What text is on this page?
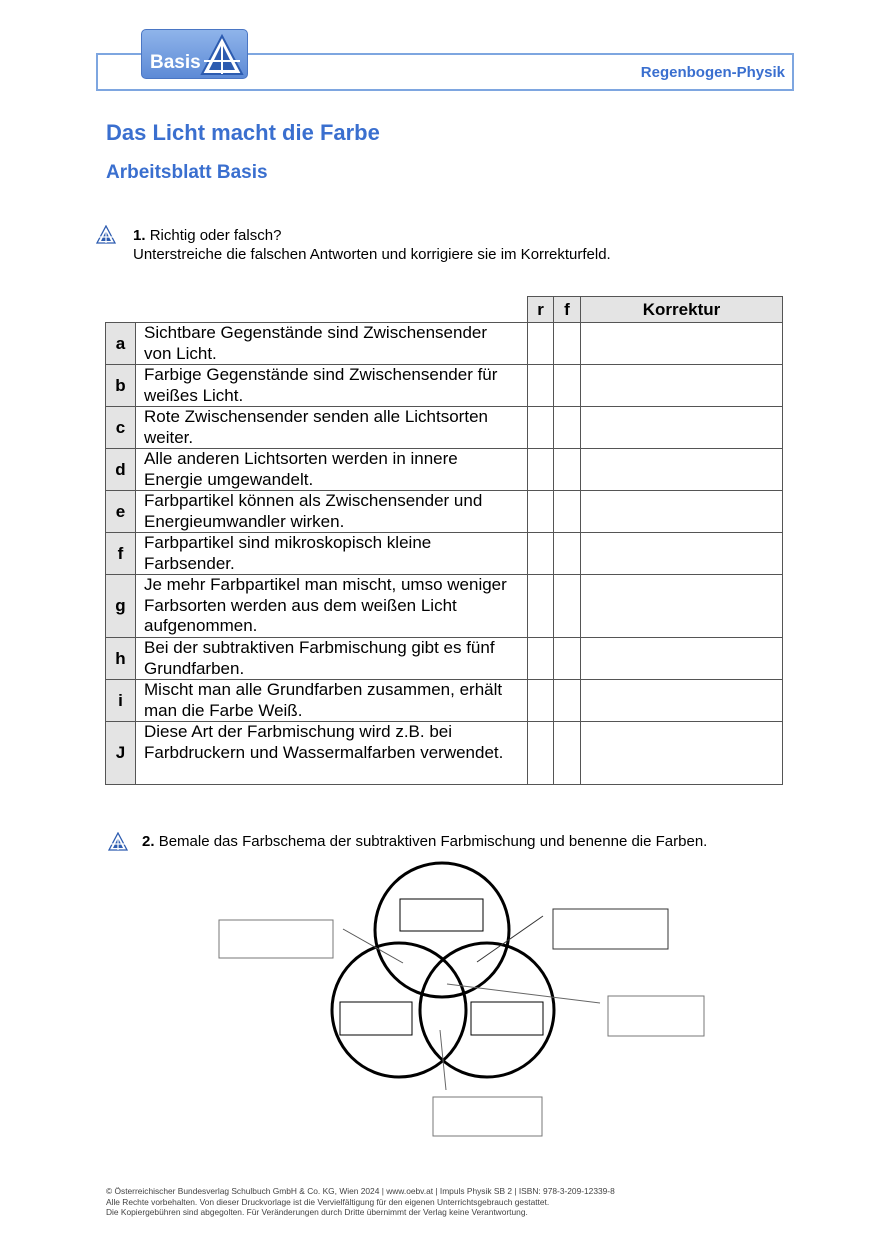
Basis	Regenbogen-Physik
Das Licht macht die Farbe
Arbeitsblatt Basis
1. Richtig oder falsch?
Unterstreiche die falschen Antworten und korrigiere sie im Korrekturfeld.
		r	f	Korrektur
a	Sichtbare Gegenstände sind Zwischensender von Licht.			
b	Farbige Gegenstände sind Zwischensender für weißes Licht.			
c	Rote Zwischensender senden alle Lichtsorten weiter.			
d	Alle anderen Lichtsorten werden in innere Energie umgewandelt.			
e	Farbpartikel können als Zwischensender und Energieumwandler wirken.			
f	Farbpartikel sind mikroskopisch kleine Farbsender.			
g	Je mehr Farbpartikel man mischt, umso weniger Farbsorten werden aus dem weißen Licht aufgenommen.			
h	Bei der subtraktiven Farbmischung gibt es fünf Grundfarben.			
i	Mischt man alle Grundfarben zusammen, erhält man die Farbe Weiß.			
J	Diese Art der Farbmischung wird z.B. bei Farbdruckern und Wassermalfarben verwendet.			
2. Bemale das Farbschema der subtraktiven Farbmischung und benenne die Farben.
© Österreichischer Bundesverlag Schulbuch GmbH & Co. KG, Wien 2024 | www.oebv.at | Impuls Physik SB 2 | ISBN: 978-3-209-12339-8
Alle Rechte vorbehalten. Von dieser Druckvorlage ist die Vervielfältigung für den eigenen Unterrichtsgebrauch gestattet.
Die Kopiergebühren sind abgegolten. Für Veränderungen durch Dritte übernimmt der Verlag keine Verantwortung.
